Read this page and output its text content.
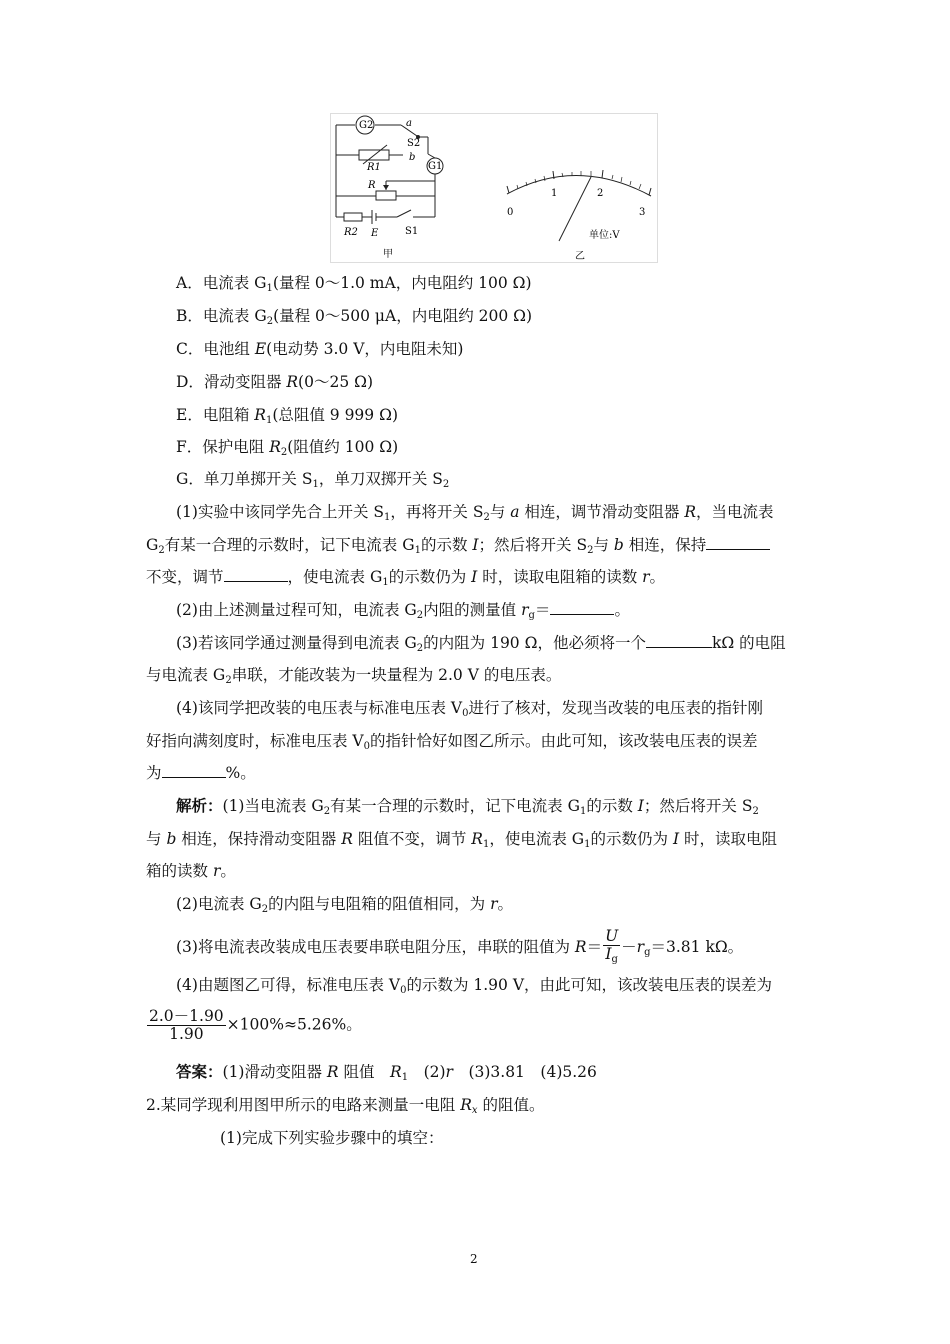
G2
G1
a
S2
b
R1
R
R2 E	S1
甲
0
1	2
3
单位:V
乙
A．电流表 $G_1$(量程 0～1.0 mA，内电阻约 100 Ω)
B．电流表 $G_2$(量程 0～500 μA，内电阻约 200 Ω)
C．电池组 E(电动势 3.0 V，内电阻未知)
D．滑动变阻器 R(0～25 Ω)
E．电阻箱 $R_1$(总阻值 9 999 Ω)
F．保护电阻 $R_2$(阻值约 100 Ω)
G．单刀单掷开关 $S_1$，单刀双掷开关 $S_2$
(1)实验中该同学先合上开关 $S_1$，再将开关 $S_2$与 a 相连，调节滑动变阻器 R，当电流表
$G_2$有某一合理的示数时，记下电流表 $G_1$的示数 I；然后将开关 $S_2$与 b 相连，保持
不变，调节	，使电流表 $G_1$的示数仍为 I 时，读取电阻箱的读数 r。
(2)由上述测量过程可知，电流表 $G_2$内阻的测量值 $r_g=$	。
(3)若该同学通过测量得到电流表 $G_2$的内阻为 190 Ω，他必须将一个	kΩ 的电阻
与电流表 $G_2$串联，才能改装为一块量程为 2.0 V 的电压表。
(4)该同学把改装的电压表与标准电压表 $V_0$进行了核对，发现当改装的电压表的指针刚
好指向满刻度时，标准电压表 $V_0$的指针恰好如图乙所示。由此可知，该改装电压表的误差
为	%。
解析：(1)当电流表 $G_2$有某一合理的示数时，记下电流表 $G_1$的示数 I；然后将开关 $S_2$
与 b 相连，保持滑动变阻器 R 阻值不变，调节 $R_1$，使电流表 $G_1$的示数仍为 I 时，读取电阻
箱的读数 r。
(2)电流表 $G_2$的内阻与电阻箱的阻值相同，为 r。
(3)将电流表改装成电压表要串联电阻分压，串联的阻值为 $R= \frac{U}{I_g} -r_g=3.81$ kΩ。
(4)由题图乙可得，标准电压表 $V_0$的示数为 1.90 V，由此可知，该改装电压表的误差为
$\frac{2.0-1.90}{1.90} \times 100\%\approx 5.26\%$。
答案：(1)滑动变阻器 R 阻值　$R_1$　(2)r　(3)3.81　(4)5.26
2.某同学现利用图甲所示的电路来测量一电阻 $R_x$ 的阻值。
(1)完成下列实验步骤中的填空：
2
